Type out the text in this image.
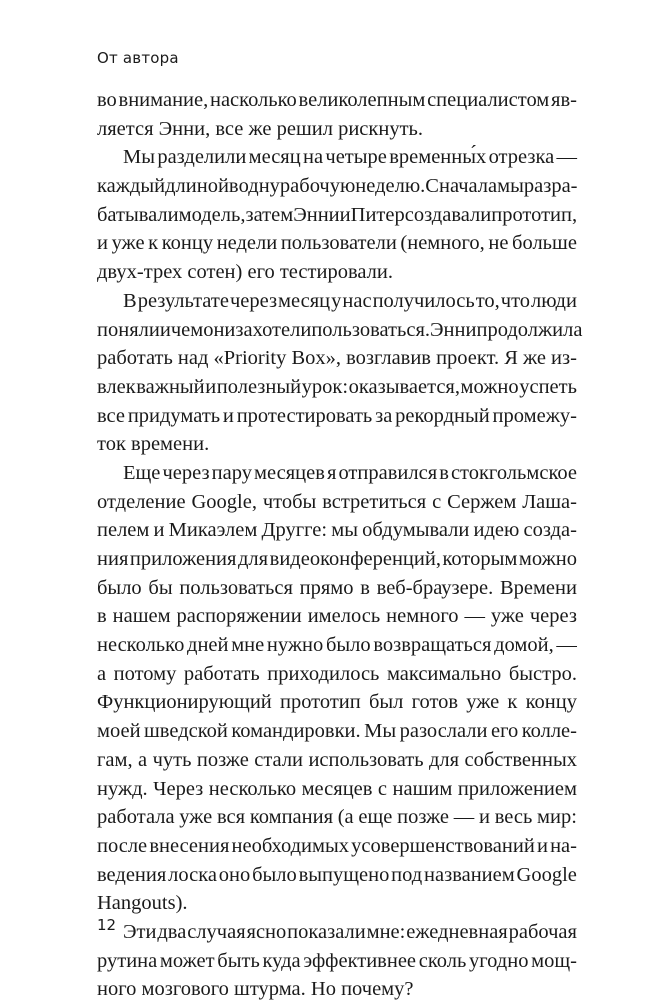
От автора
во внимание, насколько великолепным специалистом яв-
ляется Энни, все же решил рискнуть.
Мы разделили месяц на четыре временны́х отрезка —
каждый длиной в одну рабочую неделю. Сначала мы разра-
батывали модель, затем Энни и Питер создавали прототип,
и уже к концу недели пользователи (немного, не больше
двух-трех сотен) его тестировали.
В результате через месяц у нас получилось то, что люди
поняли и чем они захотели пользоваться. Энни продолжила
работать над «Priority Box», возглавив проект. Я же из-
влек важный и полезный урок: оказывается, можно успеть
все придумать и протестировать за рекордный промежу-
ток времени.
Еще через пару месяцев я отправился в стокгольмское
отделение Google, чтобы встретиться с Сержем Лаша-
пелем и Микаэлем Другге: мы обдумывали идею созда-
ния приложения для видеоконференций, которым можно
было бы пользоваться прямо в веб-браузере. Времени
в нашем распоряжении имелось немного — уже через
несколько дней мне нужно было возвращаться домой, —
а потому работать приходилось максимально быстро.
Функционирующий прототип был готов уже к концу
моей шведской командировки. Мы разослали его колле-
гам, а чуть позже стали использовать для собственных
нужд. Через несколько месяцев с нашим приложением
работала уже вся компания (а еще позже — и весь мир:
после внесения необходимых усовершенствований и на-
ведения лоска оно было выпущено под названием Google
Hangouts).
Эти два случая ясно показали мне: ежедневная рабочая
рутина может быть куда эффективнее сколь угодно мощ-
ного мозгового штурма. Но почему?
12
